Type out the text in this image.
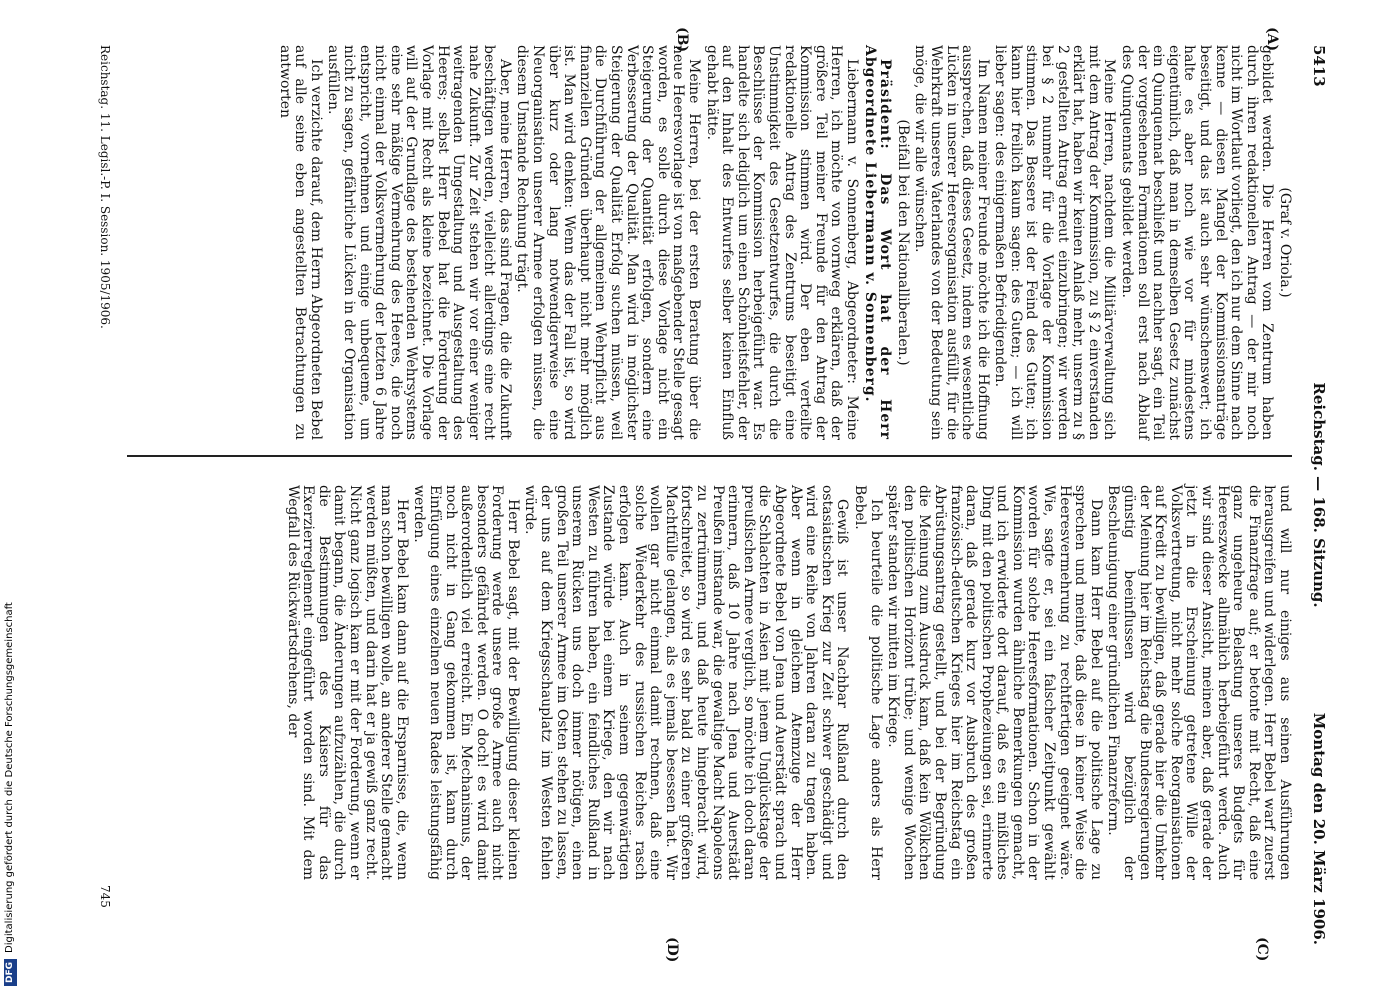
5413
Reichstag. — 168. Sitzung.
Montag den 20. März 1906.
(A)
(B)
(C)
(D)

(Graf v. Oriola.)

gebildet werden. Die Herren vom Zentrum haben durch ihren redaktionellen Antrag — der mir noch nicht im Wortlaut vorliegt, den ich nur dem Sinne nach kenne — diesen Mangel der Kommissionsanträge beseitigt, und das ist auch sehr wünschenswert; ich halte es aber noch wie vor für mindestens eigentümlich, daß man in demselben Gesetz zunächst ein Quinquennat beschließt und nachher sagt, ein Teil der vorgesehenen Formationen soll erst nach Ablauf des Quinquennats gebildet werden.

Meine Herren, nachdem die Militärverwaltung sich mit dem Antrag der Kommission, zu § 2 einverstanden erklärt hat, haben wir keinen Anlaß mehr, unserm zu § 2 gestellten Antrag erneut einzubringen; wir werden bei § 2 nunmehr für die Vorlage der Kommission stimmen. Das Bessere ist der Feind des Guten; ich kann hier freilich kaum sagen: des Guten; — ich will lieber sagen: des einigermaßen Befriedigenden.

Im Namen meiner Freunde möchte ich die Hoffnung aussprechen, daß dieses Gesetz, indem es wesentliche Lücken in unserer Heeresorganisation ausfüllt, für die Wehrkraft unseres Vaterlandes von der Bedeutung sein möge, die wir alle wünschen.

(Beifall bei den Nationalliberalen.)

Präsident: Das Wort hat der Herr Abgeordnete Liebermann v. Sonnenberg.

Liebermann v. Sonnenberg, Abgeordneter: Meine Herren, ich möchte von vornweg erklären, daß der größere Teil meiner Freunde für den Antrag der Kommission stimmen wird. Der eben verteilte redaktionelle Antrag des Zentrums beseitigt eine Unstimmigkeit des Gesetzentwurfes, die durch die Beschlüsse der Kommission herbeigeführt war. Es handelte sich lediglich um einen Schönheitsfehler, der auf den Inhalt des Entwurfes selber keinen Einfluß gehabt hätte.

Meine Herren, bei der ersten Beratung über die neue Heeresvorlage ist von maßgebender Stelle gesagt worden, es solle durch diese Vorlage nicht ein Steigerung der Quantität erfolgen, sondern eine Verbesserung der Qualität. Man wird in möglichster Steigerung der Qualität Erfolg suchen müssen, weil die Durchführung der allgemeinen Wehrpflicht aus finanziellen Gründen überhaupt nicht mehr möglich ist. Man wird denken: Wenn das der Fall ist, so wird über kurz oder lang notwendigerweise eine Neuorganisation unserer Armee erfolgen müssen, die diesem Umstande Rechnung trägt.

Aber, meine Herren, das sind Fragen, die die Zukunft beschäftigen werden, vielleicht allerdings eine recht nahe Zukunft. Zur Zeit stehen wir vor einer weniger weitragenden Umgestaltung und Ausgestaltung des Heeres; selbst Herr Bebel hat die Forderung der Vorlage mit Recht als kleine bezeichnet. Die Vorlage will auf der Grundlage des bestehenden Wehrsystems eine sehr mäßige Vermehrung des Heeres, die noch nicht einmal der Volksvermehrung der letzten 6 Jahre entspricht, vornehmen und einige unbequeme, um nicht zu sagen, gefährliche Lücken in der Organisation ausfüllen.

Ich verzichte darauf, dem Herrn Abgeordneten Bebel auf alle seine eben angestellten Betrachtungen zu antworten

und will nur einiges aus seinen Ausführungen herausgreifen und widerlegen. Herr Bebel warf zuerst die Finanzfrage auf; er betonte mit Recht, daß eine ganz ungeheure Belastung unseres Budgets für Heereszwecke allmählich herbeigeführt werde. Auch wir sind dieser Ansicht, meinen aber, daß gerade der jetzt in die Erscheinung getretene Wille der Volksvertretung, nicht mehr solche Reorganisationen auf Kredit zu bewilligen, daß gerade hier die Umkehr der Meinung hier im Reichstag die Bundesregierungen günstig beeinflussen wird bezüglich der Beschleunigung einer gründlichen Finanzreform.

Dann kam Herr Bebel auf die politische Lage zu sprechen und meinte, daß diese in keiner Weise die Heeresvermehrung zu rechtfertigen geeignet wäre. Wie, sagte er, sei ein falscher Zeitpunkt gewählt worden für solche Heeresformationen. Schon in der Kommission wurden ähnliche Bemerkungen gemacht, und ich erwiderte dort darauf, daß es ein mißliches Ding mit den politischen Prophezeiungen sei, erinnerte daran, daß gerade kurz vor Ausbruch des großen französisch-deutschen Krieges hier im Reichstag ein Abrüstungsantrag gestellt, und bei der Begründung die Meinung zum Ausdruck kam, daß kein Wölkchen den politischen Horizont trübe; und wenige Wochen später standen wir mitten im Kriege.

Ich beurteile die politische Lage anders als Herr Bebel.

Gewiß ist unser Nachbar Rußland durch den ostasiatischen Krieg zur Zeit schwer geschädigt und wird eine Reihe von Jahren daran zu tragen haben. Aber wenn in gleichem Atemzuge der Herr Abgeordnete Bebel von Jena und Auerstädt sprach und die Schlachten in Asien mit jenem Unglückstage der preußischen Armee verglich, so möchte ich doch daran erinnern, daß 10 Jahre nach Jena und Auerstädt Preußen imstande war, die gewaltige Macht Napoleons zu zertrümmern, und daß heute hingebracht wird, fortschreitet, so wird es sehr bald zu einer größeren Machtfülle gelangen, als es jemals besessen hat. Wir wollen gar nicht einmal damit rechnen, daß eine solche Wiederkehr des russischen Reiches rasch erfolgen kann. Auch in seinem gegenwärtigen Zustande würde bei einem Kriege, den wir nach Westen zu führen haben, ein feindliches Rußland in unserem Rücken uns doch immer nötigen, einen großen Teil unserer Armee im Osten stehen zu lassen, der uns auf dem Kriegsschauplatz im Westen fehlen würde.

Herr Bebel sagt, mit der Bewilligung dieser kleinen Forderung werde unsere große Armee auch nicht besonders gefährdet werden. O doch! es wird damit außerordentlich viel erreicht. Ein Mechanismus, der noch nicht in Gang gekommen ist, kann durch Einfügung eines einzelnen neuen Rades leistungsfähig werden.

Herr Bebel kam dann auf die Ersparnisse, die, wenn man schon bewilligen wolle, an anderer Stelle gemacht werden müßten, und darin hat er ja gewiß ganz recht. Nicht ganz logisch kam er mit der Forderung, wenn er damit begann, die Änderungen aufzuzählen, die durch die Bestimmungen des Kaisers für das Exerzierreglement eingeführt worden sind. Mit dem Wegfall des Rückwärtsdrehens, der

Reichstag. 11. Legisl.-P. I. Session. 1905/1906.
745
DFGDigitalisierung gefördert durch die Deutsche Forschungsgemeinschaft
